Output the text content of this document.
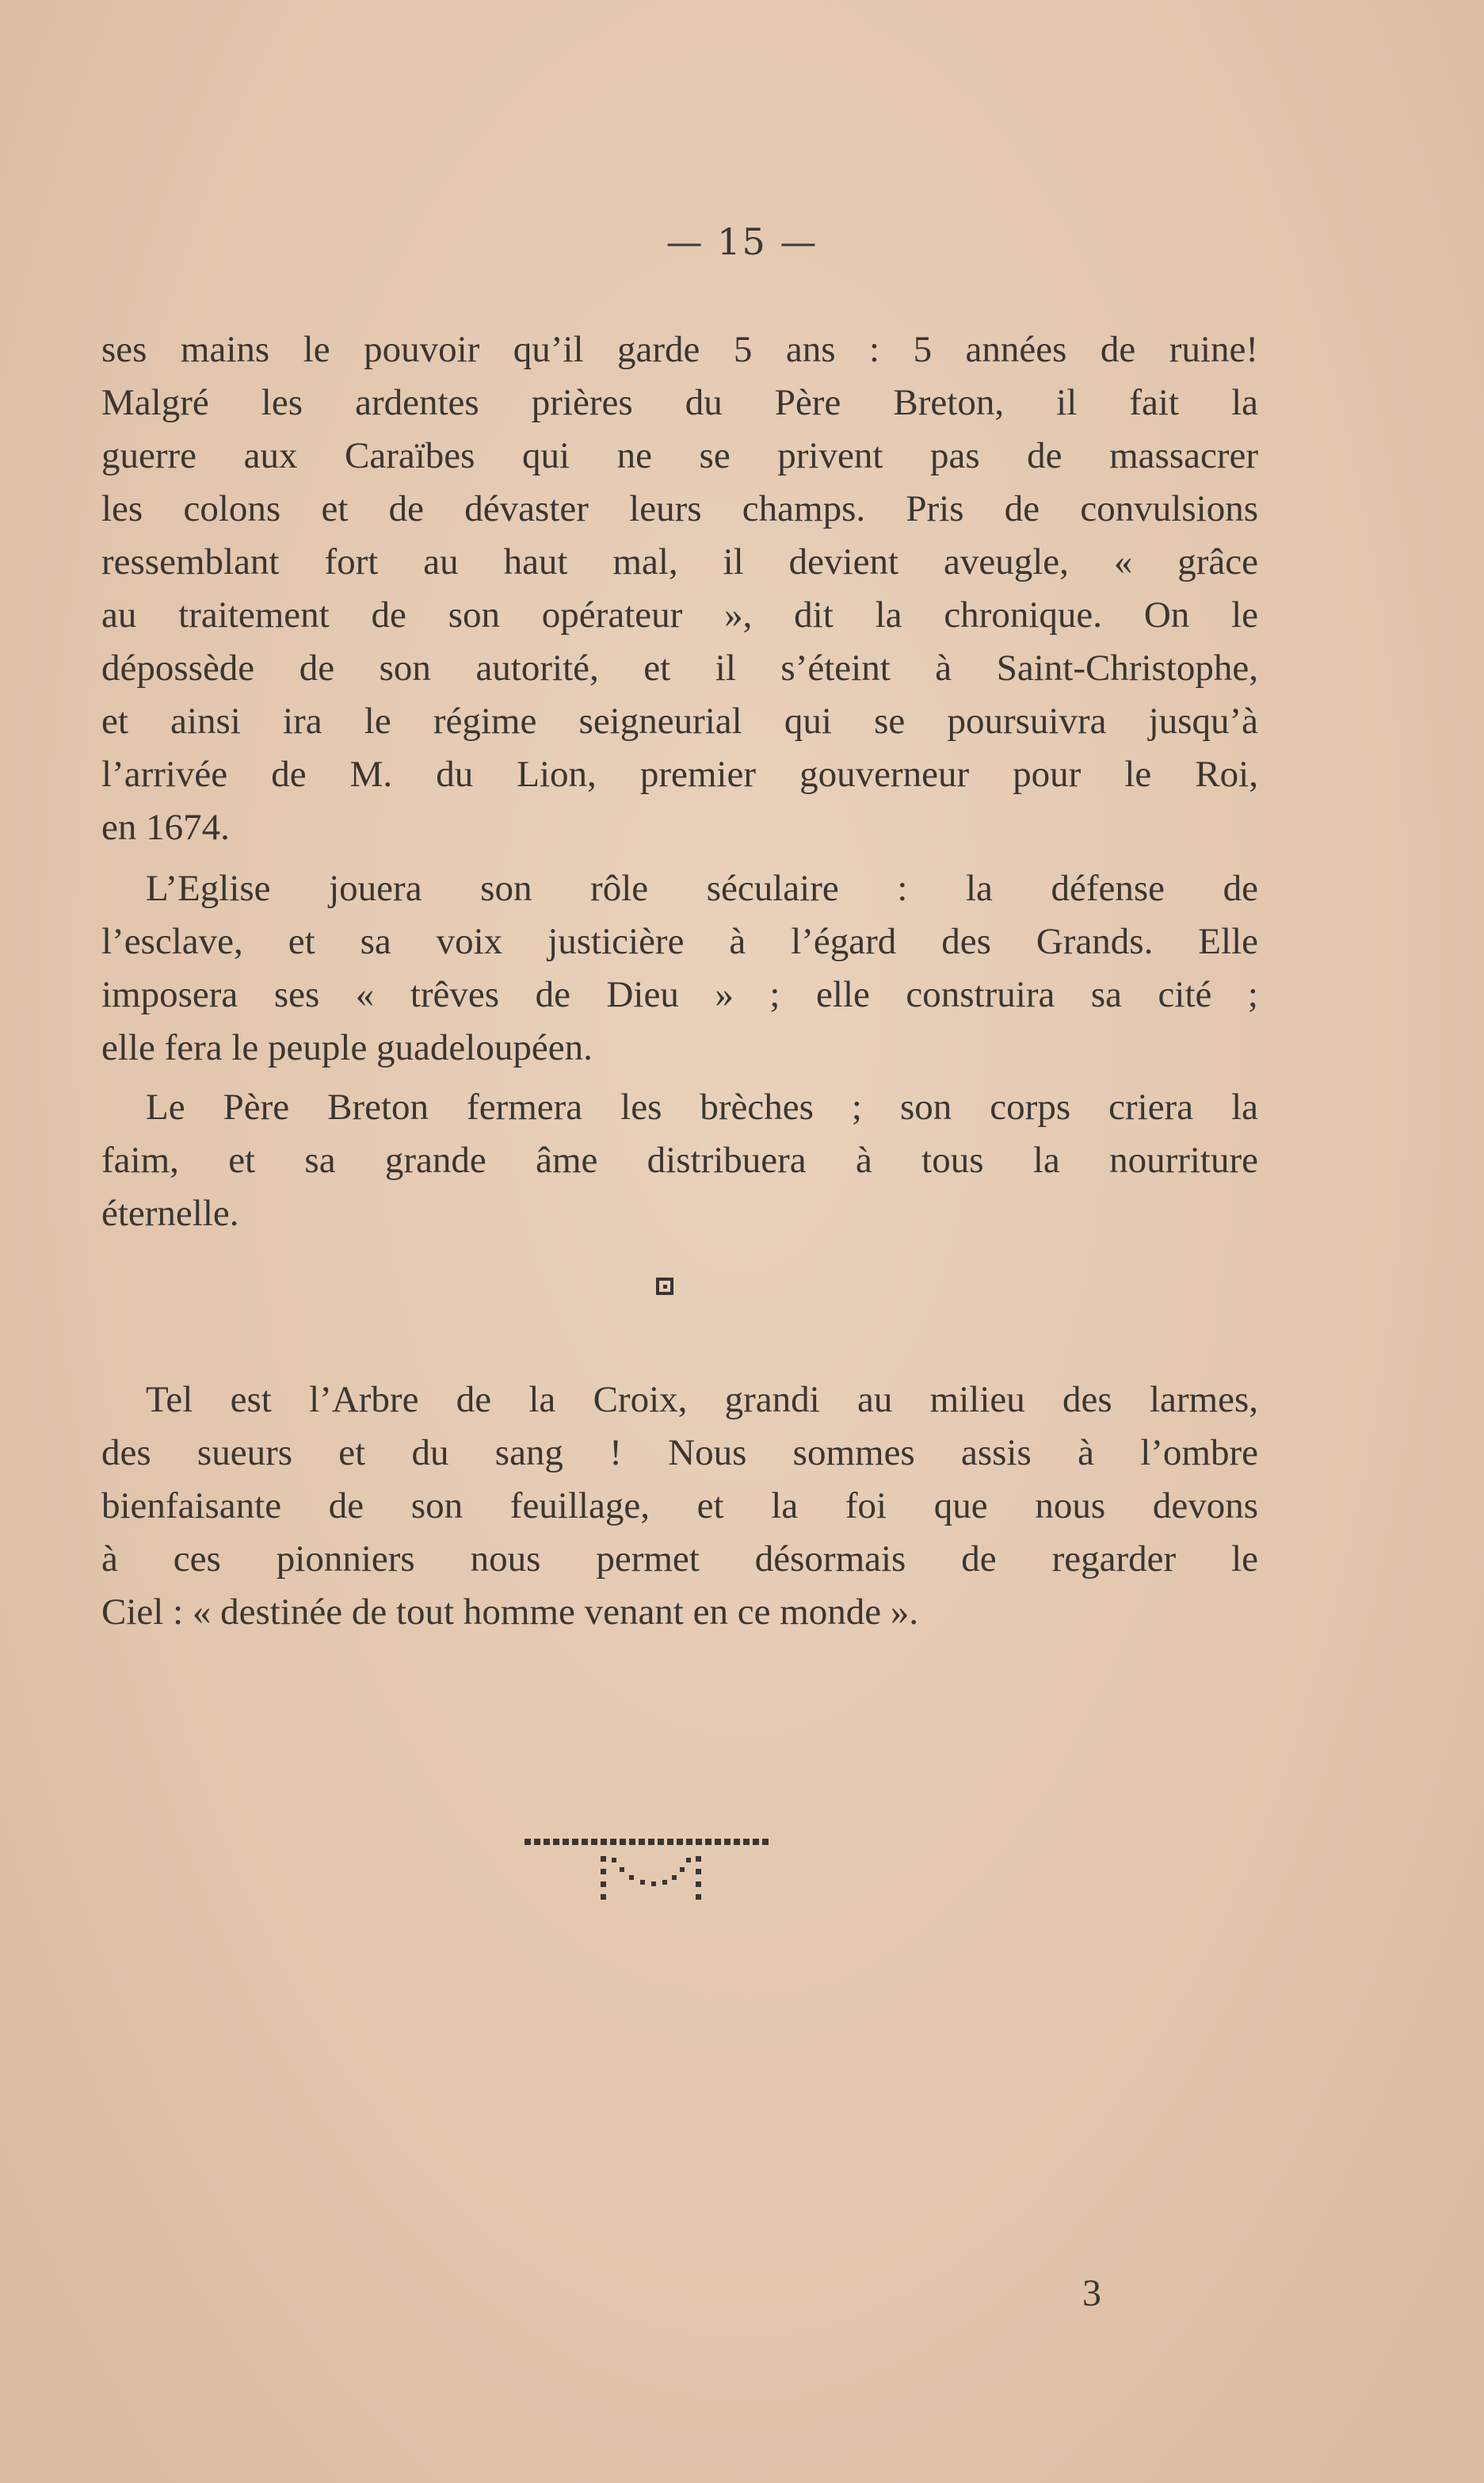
— 15 —
ses mains le pouvoir qu’il garde 5 ans : 5 années de ruine!
Malgré les ardentes prières du Père Breton, il fait la
guerre aux Caraïbes qui ne se privent pas de massacrer
les colons et de dévaster leurs champs. Pris de convulsions
ressemblant fort au haut mal, il devient aveugle, « grâce
au traitement de son opérateur », dit la chronique. On le
dépossède de son autorité, et il s’éteint à Saint-Christophe,
et ainsi ira le régime seigneurial qui se poursuivra jusqu’à
l’arrivée de M. du Lion, premier gouverneur pour le Roi,
en 1674.
L’Eglise jouera son rôle séculaire : la défense de
l’esclave, et sa voix justicière à l’égard des Grands. Elle
imposera ses « trêves de Dieu » ; elle construira sa cité ;
elle fera le peuple guadeloupéen.
Le Père Breton fermera les brèches ; son corps criera la
faim, et sa grande âme distribuera à tous la nourriture
éternelle.
Tel est l’Arbre de la Croix, grandi au milieu des larmes,
des sueurs et du sang ! Nous sommes assis à l’ombre
bienfaisante de son feuillage, et la foi que nous devons
à ces pionniers nous permet désormais de regarder le
Ciel : « destinée de tout homme venant en ce monde ».
3
